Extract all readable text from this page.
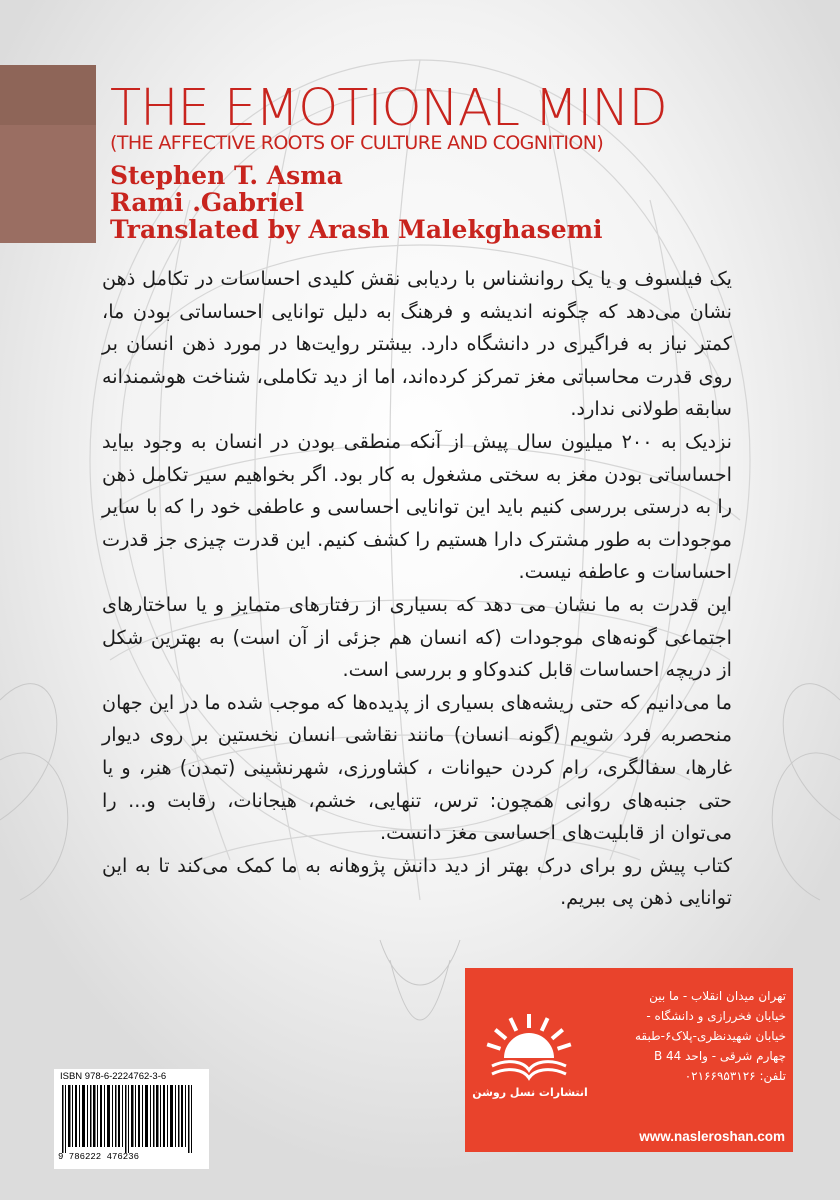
THE EMOTIONAL MIND
(THE AFFECTIVE ROOTS OF CULTURE AND COGNITION)
Stephen T. Asma
Rami .Gabriel
Translated by Arash Malekghasemi

یک فیلسوف و یا یک روانشناس با ردیابی نقش کلیدی احساسات در تکامل ذهن نشان می‌دهد که چگونه اندیشه و فرهنگ به دلیل توانایی احساساتی بودن ما، کمتر نیاز به فراگیری در دانشگاه دارد. بیشتر روایت‌ها در مورد ذهن انسان بر روی قدرت محاسباتی مغز تمرکز کرده‌اند، اما از دید تکاملی، شناخت هوشمندانه سابقه طولانی ندارد.

نزدیک به ۲۰۰ میلیون سال پیش از آنکه منطقی بودن در انسان به وجود بیاید احساساتی بودن مغز به سختی مشغول به کار بود. اگر بخواهیم سیر تکامل ذهن را به درستی بررسی کنیم باید این توانایی احساسی و عاطفی خود را که با سایر موجودات به طور مشترک دارا هستیم را کشف کنیم. این قدرت چیزی جز قدرت احساسات و عاطفه نیست.

این قدرت به ما نشان می دهد که بسیاری از رفتارهای متمایز و یا ساختارهای اجتماعی گونه‌های موجودات (که انسان هم جزئی از آن است) به بهترین شکل از دریچه احساسات قابل کندوکاو و بررسی است.

ما می‌دانیم که حتی ریشه‌های بسیاری از پدیده‌ها که موجب شده ما در این جهان منحصربه فرد شویم (گونه انسان) مانند نقاشی انسان نخستین بر روی دیوار غارها، سفالگری، رام کردن حیوانات ، کشاورزی، شهرنشینی (تمدن) هنر، و یا حتی جنبه‌های روانی همچون: ترس، تنهایی، خشم، هیجانات، رقابت و... را می‌توان از قابلیت‌های احساسی مغز دانست.

کتاب پیش رو برای درک بهتر از دید دانش پژوهانه به ما کمک می‌کند تا به این توانایی ذهن پی ببریم.

ISBN 978-6-2224762-3-6
9 786222 476236
انتشارات نسل روشن
تهران میدان انقلاب - ما بین
خیابان فخررازی و دانشگاه -
خیابان شهیدنظری-پلاک۶-طبقه
چهارم شرقی - واحد 44 B
تلفن: ۰۲۱۶۶۹۵۳۱۲۶
www.nasleroshan.com
